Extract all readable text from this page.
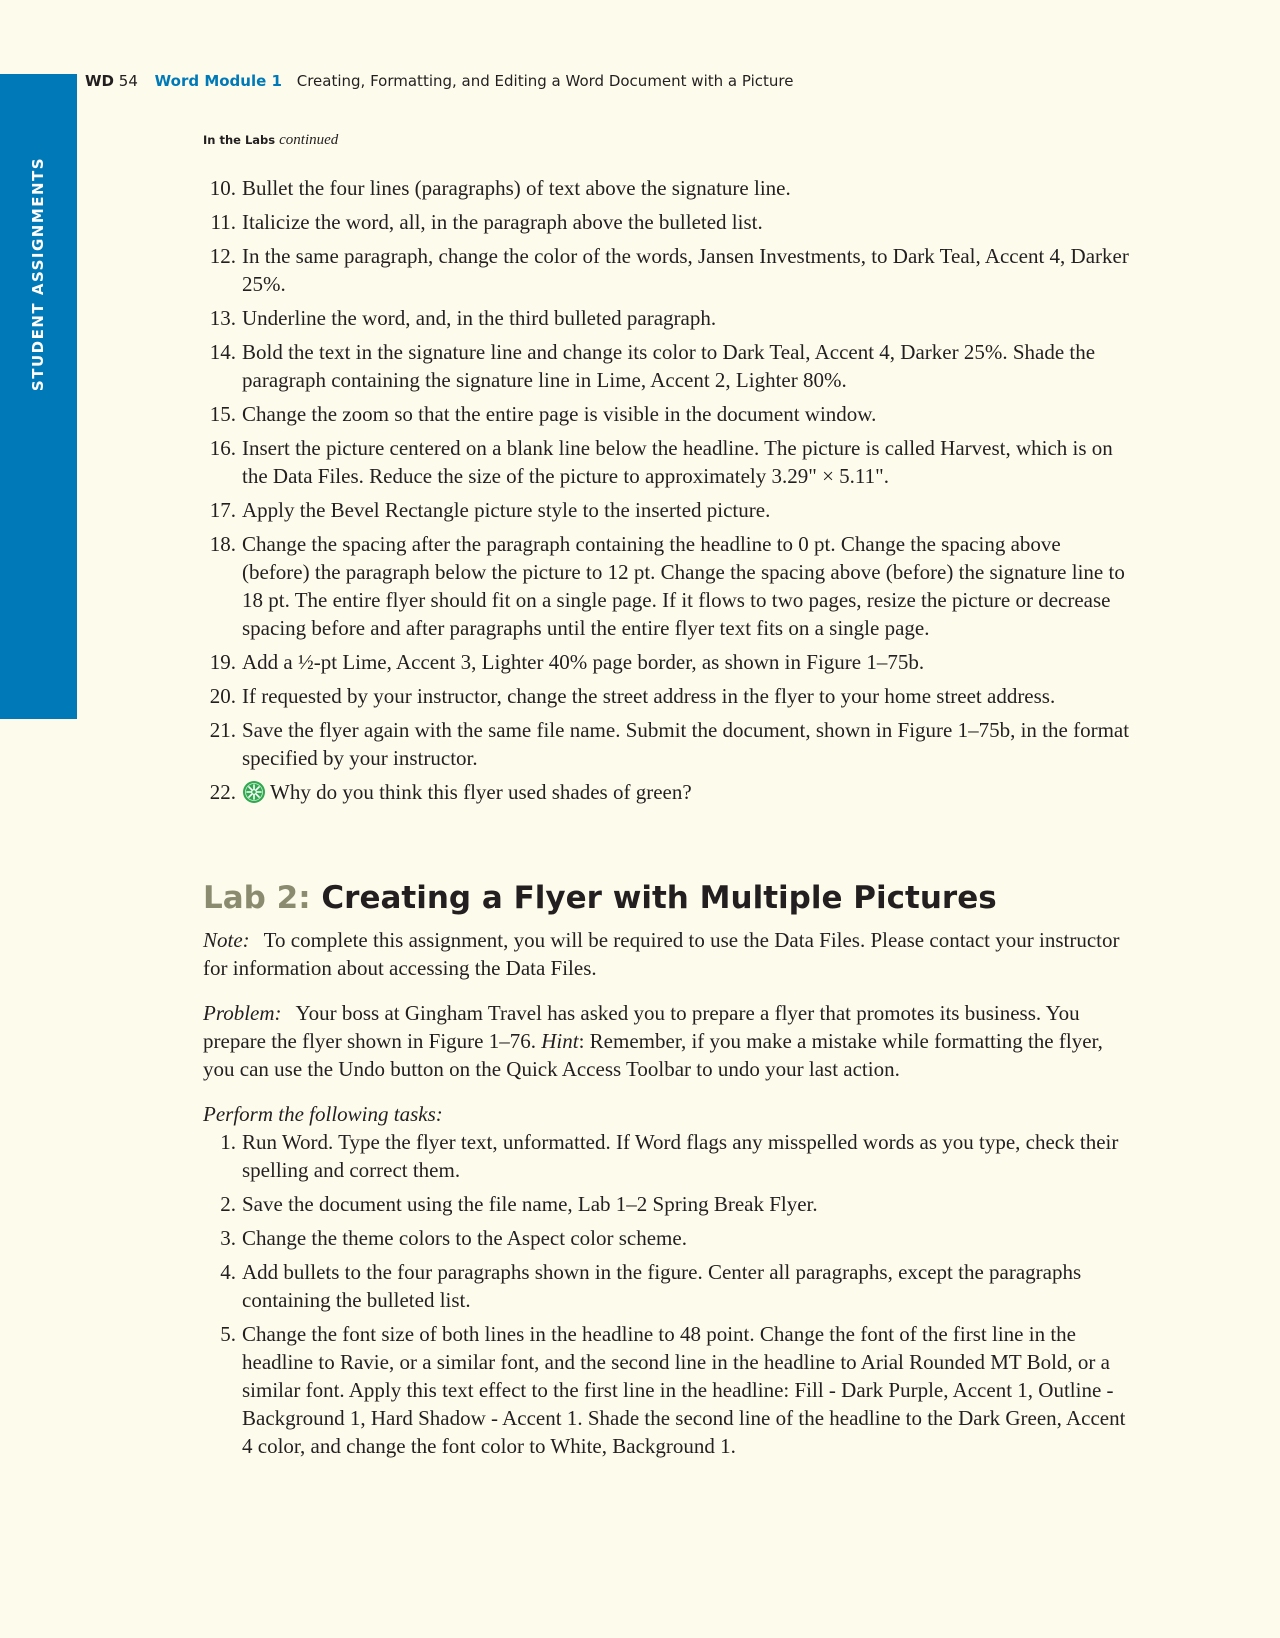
STUDENT ASSIGNMENTS
WD 54 Word Module 1 Creating, Formatting, and Editing a Word Document with a Picture
In the Labs continued
10. Bullet the four lines (paragraphs) of text above the signature line.
11. Italicize the word, all, in the paragraph above the bulleted list.
12. In the same paragraph, change the color of the words, Jansen Investments, to Dark Teal, Accent 4, Darker 25%.
13. Underline the word, and, in the third bulleted paragraph.
14. Bold the text in the signature line and change its color to Dark Teal, Accent 4, Darker 25%. Shade the paragraph containing the signature line in Lime, Accent 2, Lighter 80%.
15. Change the zoom so that the entire page is visible in the document window.
16. Insert the picture centered on a blank line below the headline. The picture is called Harvest, which is on the Data Files. Reduce the size of the picture to approximately 3.29" × 5.11".
17. Apply the Bevel Rectangle picture style to the inserted picture.
18. Change the spacing after the paragraph containing the headline to 0 pt. Change the spacing above (before) the paragraph below the picture to 12 pt. Change the spacing above (before) the signature line to 18 pt. The entire flyer should fit on a single page. If it flows to two pages, resize the picture or decrease spacing before and after paragraphs until the entire flyer text fits on a single page.
19. Add a ½-pt Lime, Accent 3, Lighter 40% page border, as shown in Figure 1–75b.
20. If requested by your instructor, change the street address in the flyer to your home street address.
21. Save the flyer again with the same file name. Submit the document, shown in Figure 1–75b, in the format specified by your instructor.
22. Why do you think this flyer used shades of green?
Lab 2: Creating a Flyer with Multiple Pictures
Note: To complete this assignment, you will be required to use the Data Files. Please contact your instructor for information about accessing the Data Files.
Problem: Your boss at Gingham Travel has asked you to prepare a flyer that promotes its business. You prepare the flyer shown in Figure 1–76. Hint: Remember, if you make a mistake while formatting the flyer, you can use the Undo button on the Quick Access Toolbar to undo your last action.
Perform the following tasks:
1. Run Word. Type the flyer text, unformatted. If Word flags any misspelled words as you type, check their spelling and correct them.
2. Save the document using the file name, Lab 1–2 Spring Break Flyer.
3. Change the theme colors to the Aspect color scheme.
4. Add bullets to the four paragraphs shown in the figure. Center all paragraphs, except the paragraphs containing the bulleted list.
5. Change the font size of both lines in the headline to 48 point. Change the font of the first line in the headline to Ravie, or a similar font, and the second line in the headline to Arial Rounded MT Bold, or a similar font. Apply this text effect to the first line in the headline: Fill - Dark Purple, Accent 1, Outline - Background 1, Hard Shadow - Accent 1. Shade the second line of the headline to the Dark Green, Accent 4 color, and change the font color to White, Background 1.
